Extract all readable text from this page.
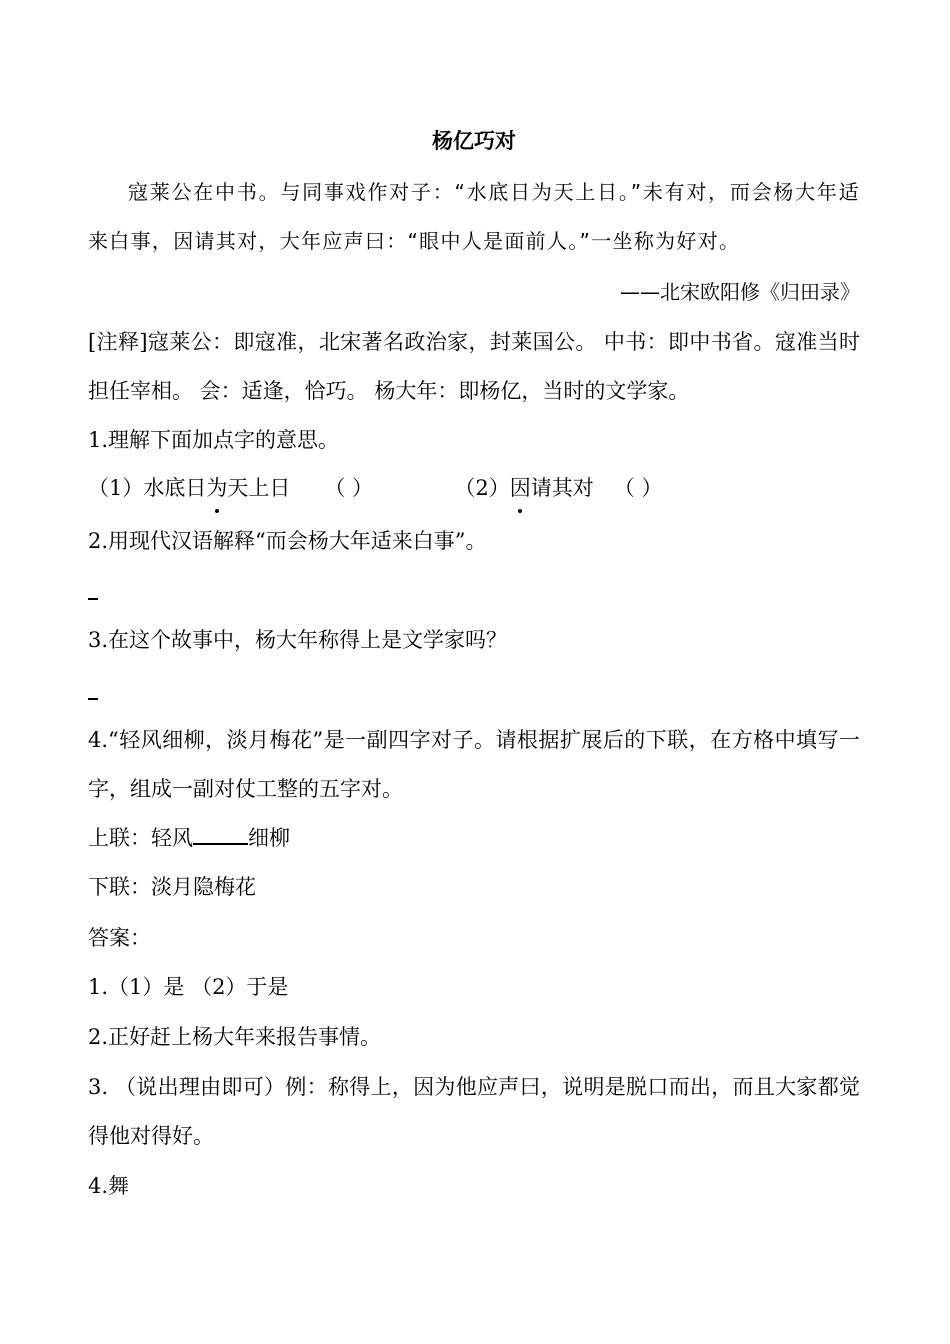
杨亿巧对
寇莱公在中书。与同事戏作对子：“水底日为天上日。”未有对，而会杨大年适来白事，因请其对，大年应声曰：“眼中人是面前人。”一坐称为好对。
——北宋欧阳修《归田录》
[注释]寇莱公：即寇准，北宋著名政治家，封莱国公。 中书：即中书省。寇准当时担任宰相。 会：适逢，恰巧。 杨大年：即杨亿，当时的文学家。
1.理解下面加点字的意思。
（1）水底日为天上日 （ ）	（2）因请其对 （ ）
2.用现代汉语解释“而会杨大年适来白事”。
3.在这个故事中，杨大年称得上是文学家吗？
4.“轻风细柳，淡月梅花”是一副四字对子。请根据扩展后的下联，在方格中填写一字，组成一副对仗工整的五字对。
上联：轻风	细柳
下联：淡月隐梅花
答案：
1.（1）是 （2）于是
2.正好赶上杨大年来报告事情。
3. （说出理由即可）例：称得上，因为他应声曰，说明是脱口而出，而且大家都觉得他对得好。
4.舞
